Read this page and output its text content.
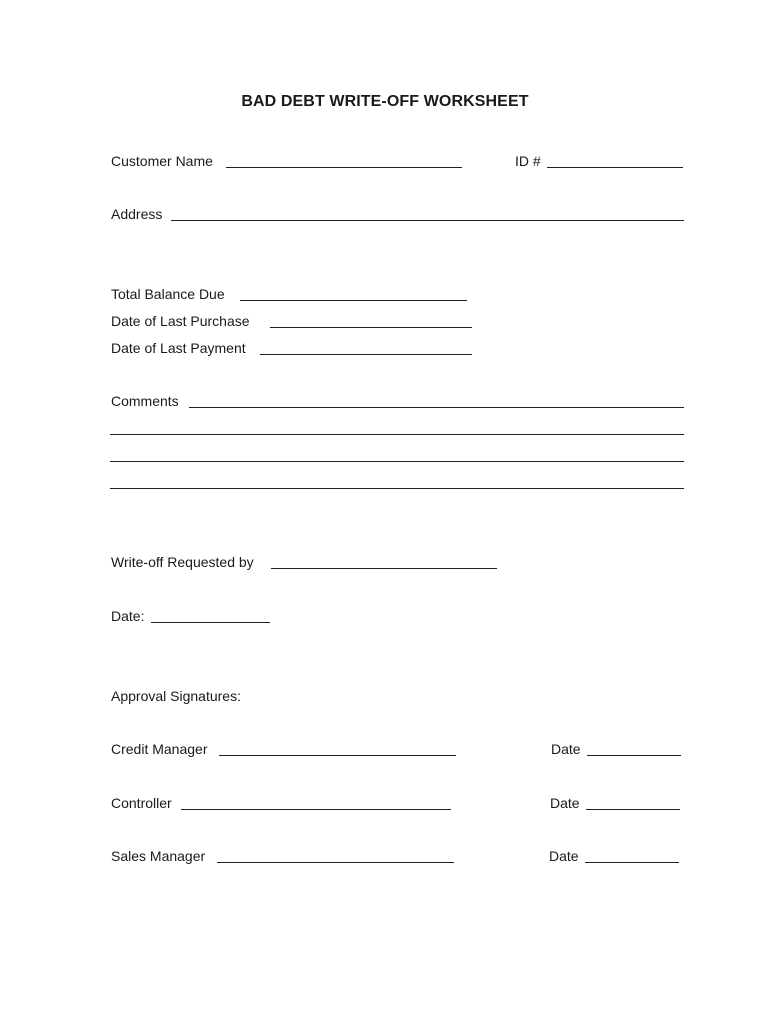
BAD DEBT WRITE-OFF WORKSHEET
Customer Name	ID #
Address
Total Balance Due
Date of Last Purchase
Date of Last Payment
Comments
Write-off Requested by
Date:
Approval Signatures:
Credit Manager	Date
Controller	Date
Sales Manager	Date
